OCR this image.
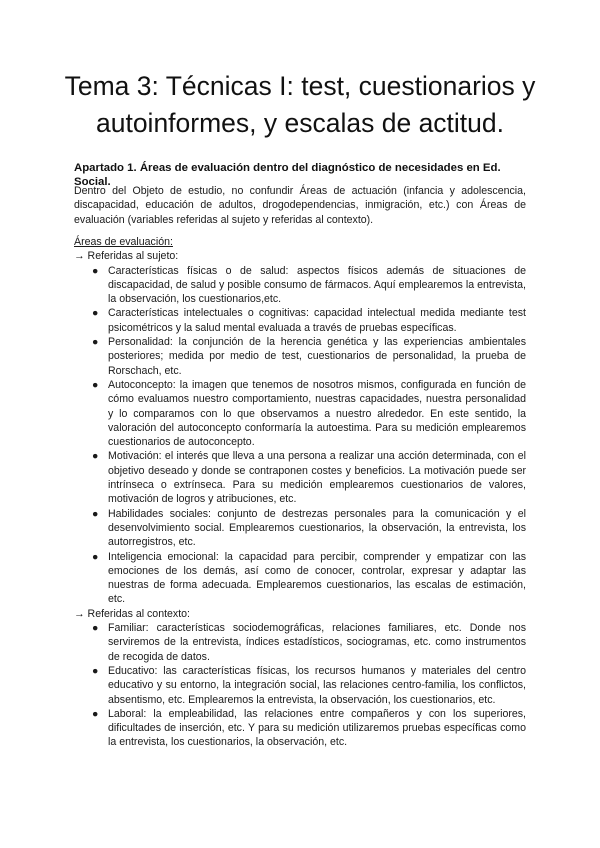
Tema 3: Técnicas I: test, cuestionarios y autoinformes, y escalas de actitud.
Apartado 1. Áreas de evaluación dentro del diagnóstico de necesidades en Ed. Social.

Dentro del Objeto de estudio, no confundir Áreas de actuación (infancia y adolescencia, discapacidad, educación de adultos, drogodependencias, inmigración, etc.) con Áreas de evaluación (variables referidas al sujeto y referidas al contexto).

Áreas de evaluación:
→ Referidas al sujeto:
● Características físicas o de salud: aspectos físicos además de situaciones de discapacidad, de salud y posible consumo de fármacos. Aquí emplearemos la entrevista, la observación, los cuestionarios,etc.
● Características intelectuales o cognitivas: capacidad intelectual medida mediante test psicométricos y la salud mental evaluada a través de pruebas específicas.
● Personalidad: la conjunción de la herencia genética y las experiencias ambientales posteriores; medida por medio de test, cuestionarios de personalidad, la prueba de Rorschach, etc.
● Autoconcepto: la imagen que tenemos de nosotros mismos, configurada en función de cómo evaluamos nuestro comportamiento, nuestras capacidades, nuestra personalidad y lo comparamos con lo que observamos a nuestro alrededor. En este sentido, la valoración del autoconcepto conformaría la autoestima. Para su medición emplearemos cuestionarios de autoconcepto.
● Motivación: el interés que lleva a una persona a realizar una acción determinada, con el objetivo deseado y donde se contraponen costes y beneficios. La motivación puede ser intrínseca o extrínseca. Para su medición emplearemos cuestionarios de valores, motivación de logros y atribuciones, etc.
● Habilidades sociales: conjunto de destrezas personales para la comunicación y el desenvolvimiento social. Emplearemos cuestionarios, la observación, la entrevista, los autorregistros, etc.
● Inteligencia emocional: la capacidad para percibir, comprender y empatizar con las emociones de los demás, así como de conocer, controlar, expresar y adaptar las nuestras de forma adecuada. Emplearemos cuestionarios, las escalas de estimación, etc.
→ Referidas al contexto:
● Familiar: características sociodemográficas, relaciones familiares, etc. Donde nos serviremos de la entrevista, índices estadísticos, sociogramas, etc. como instrumentos de recogida de datos.
● Educativo: las características físicas, los recursos humanos y materiales del centro educativo y su entorno, la integración social, las relaciones centro-familia, los conflictos, absentismo, etc. Emplearemos la entrevista, la observación, los cuestionarios, etc.
● Laboral: la empleabilidad, las relaciones entre compañeros y con los superiores, dificultades de inserción, etc. Y para su medición utilizaremos pruebas específicas como la entrevista, los cuestionarios, la observación, etc.
